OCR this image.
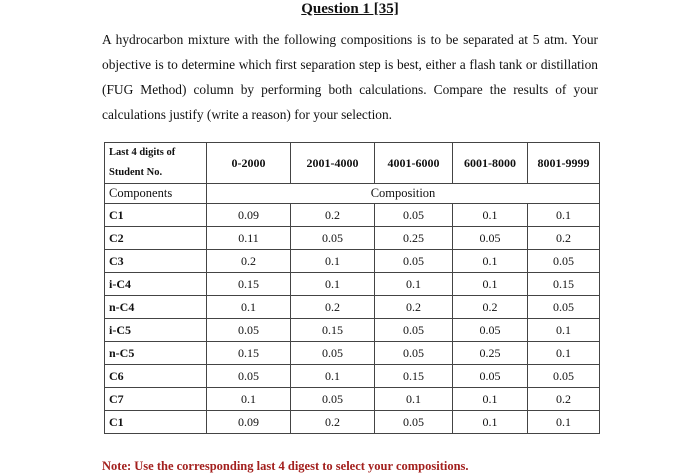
Question 1 [35]
A hydrocarbon mixture with the following compositions is to be separated at 5 atm. Your objective is to determine which first separation step is best, either a flash tank or distillation (FUG Method) column by performing both calculations. Compare the results of your calculations justify (write a reason) for your selection.
Last 4 digits of
Student No.	0-2000	2001-4000	4001-6000	6001-8000	8001-9999
Components	Composition				
C1	0.09	0.2	0.05	0.1	0.1
C2	0.11	0.05	0.25	0.05	0.2
C3	0.2	0.1	0.05	0.1	0.05
i-C4	0.15	0.1	0.1	0.1	0.15
n-C4	0.1	0.2	0.2	0.2	0.05
i-C5	0.05	0.15	0.05	0.05	0.1
n-C5	0.15	0.05	0.05	0.25	0.1
C6	0.05	0.1	0.15	0.05	0.05
C7	0.1	0.05	0.1	0.1	0.2
C1	0.09	0.2	0.05	0.1	0.1
Note: Use the corresponding last 4 digest to select your compositions.
